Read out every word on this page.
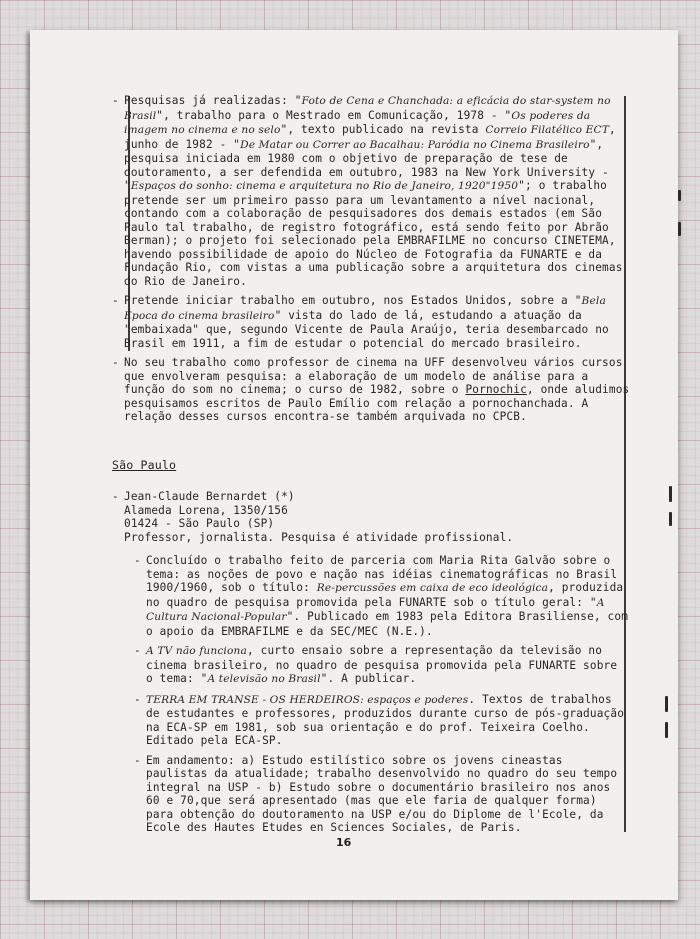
- Pesquisas já realizadas: "Foto de Cena e Chanchada: a eficácia do star-system no Brasil", trabalho para o Mestrado em Comunicação, 1978 - "Os poderes da imagem no cinema e no selo", texto publicado na revista Correio Filatélico ECT, junho de 1982 - "De Matar ou Correr ao Bacalhau: Paródia no Cinema Brasileiro", pesquisa iniciada em 1980 com o objetivo de preparação de tese de doutoramento, a ser defendida em outubro, 1983 na New York University - "Espaços do sonho: cinema e arquitetura no Rio de Janeiro, 1920"1950"; o trabalho pretende ser um primeiro passo para um levantamento a nível nacional, contando com a colaboração de pesquisadores dos demais estados (em São Paulo tal trabalho, de registro fotográfico, está sendo feito por Abrão Berman); o projeto foi selecionado pela EMBRAFILME no concurso CINETEMA, havendo possibilidade de apoio do Núcleo de Fotografia da FUNARTE e da Fundação Rio, com vistas a uma publicação sobre a arquitetura dos cinemas do Rio de Janeiro.
- Pretende iniciar trabalho em outubro, nos Estados Unidos, sobre a "Bela Época do cinema brasileiro" vista do lado de lá, estudando a atuação da "embaixada" que, segundo Vicente de Paula Araújo, teria desembarcado no Brasil em 1911, a fim de estudar o potencial do mercado brasileiro.
- No seu trabalho como professor de cinema na UFF desenvolveu vários cursos que envolveram pesquisa: a elaboração de um modelo de análise para a função do som no cinema; o curso de 1982, sobre o Pornochic, onde aludimos pesquisamos escritos de Paulo Emílio com relação a pornochanchada. A relação desses cursos encontra-se também arquivada no CPCB.
São Paulo
- Jean-Claude Bernardet (*)
Alameda Lorena, 1350/156
01424 - São Paulo (SP)
Professor, jornalista. Pesquisa é atividade profissional.
- Concluído o trabalho feito de parceria com Maria Rita Galvão sobre o tema: as noções de povo e nação nas idéias cinematográficas no Brasil 1900/1960, sob o título: Re-percussões em caixa de eco ideológica, produzida no quadro de pesquisa promovida pela FUNARTE sob o título geral: "A Cultura Nacional-Popular". Publicado em 1983 pela Editora Brasiliense, com o apoio da EMBRAFILME e da SEC/MEC (N.E.).
- A TV não funciona, curto ensaio sobre a representação da televisão no cinema brasileiro, no quadro de pesquisa promovida pela FUNARTE sobre o tema: "A televisão no Brasil". A publicar.
- TERRA EM TRANSE - OS HERDEIROS: espaços e poderes. Textos de trabalhos de estudantes e professores, produzidos durante curso de pós-graduação na ECA-SP em 1981, sob sua orientação e do prof. Teixeira Coelho. Editado pela ECA-SP.
- Em andamento: a) Estudo estilístico sobre os jovens cineastas paulistas da atualidade; trabalho desenvolvido no quadro do seu tempo integral na USP - b) Estudo sobre o documentário brasileiro nos anos 60 e 70,que será apresentado (mas que ele faria de qualquer forma) para obtenção do doutoramento na USP e/ou do Diplome de l'Ecole, da Ecole des Hautes Etudes en Sciences Sociales, de Paris.
16
